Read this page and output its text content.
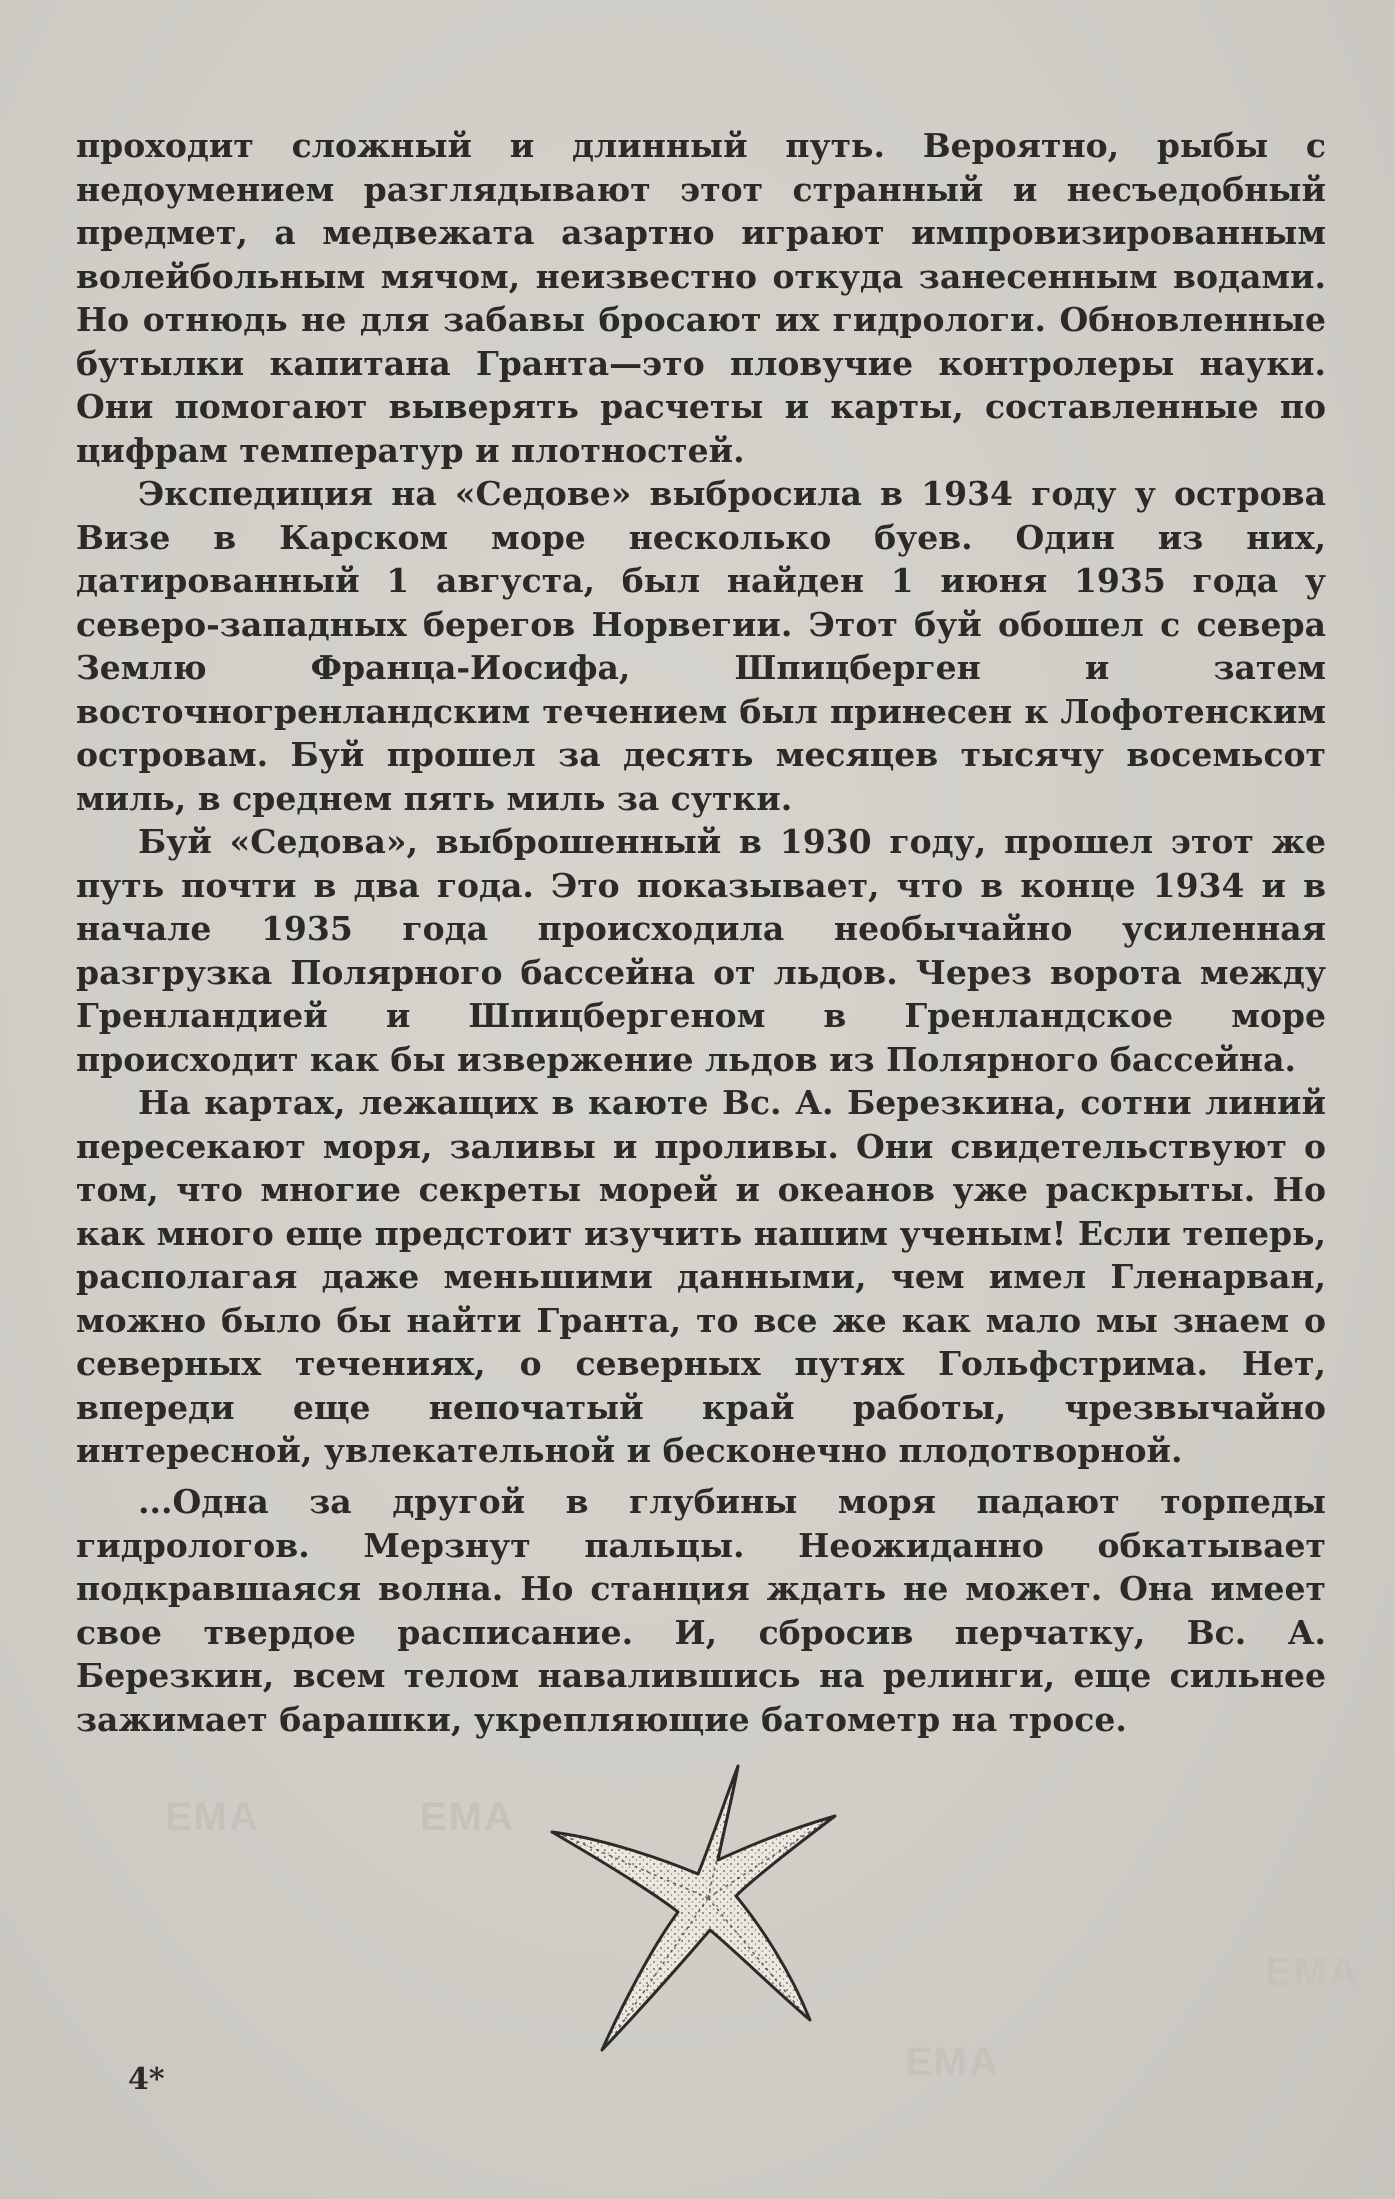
ЕМА	ЕМА
ЕМА
ЕМА

проходит сложный и длинный путь. Вероятно, рыбы с недоумением разглядывают этот странный и несъедобный предмет, а медвежата азартно играют импровизированным волейбольным мячом, неизвестно откуда занесенным водами. Но отнюдь не для забавы бросают их гидрологи. Обновленные бутылки капитана Гранта—это пловучие контролеры науки. Они помогают выверять расчеты и карты, составленные по цифрам температур и плотностей.

Экспедиция на «Седове» выбросила в 1934 году у острова Визе в Карском море несколько буев. Один из них, датированный 1 августа, был найден 1 июня 1935 года у северо-западных берегов Норвегии. Этот буй обошел с севера Землю Франца-Иосифа, Шпицберген и затем восточногренландским течением был принесен к Лофотенским островам. Буй прошел за десять месяцев тысячу восемьсот миль, в среднем пять миль за сутки.

Буй «Седова», выброшенный в 1930 году, прошел этот же путь почти в два года. Это показывает, что в конце 1934 и в начале 1935 года происходила необычайно усиленная разгрузка Полярного бассейна от льдов. Через ворота между Гренландией и Шпицбергеном в Гренландское море происходит как бы извержение льдов из Полярного бассейна.

На картах, лежащих в каюте Вс. А. Березкина, сотни линий пересекают моря, заливы и проливы. Они свидетельствуют о том, что многие секреты морей и океанов уже раскрыты. Но как много еще предстоит изучить нашим ученым! Если теперь, располагая даже меньшими данными, чем имел Гленарван, можно было бы найти Гранта, то все же как мало мы знаем о северных течениях, о северных путях Гольфстрима. Нет, впереди еще непочатый край работы, чрезвычайно интересной, увлекательной и бесконечно плодотворной.

...Одна за другой в глубины моря падают торпеды гидрологов. Мерзнут пальцы. Неожиданно обкатывает подкравшаяся волна. Но станция ждать не может. Она имеет свое твердое расписание. И, сбросив перчатку, Вс. А. Березкин, всем телом навалившись на релинги, еще сильнее зажимает барашки, укрепляющие батометр на тросе.

4*
